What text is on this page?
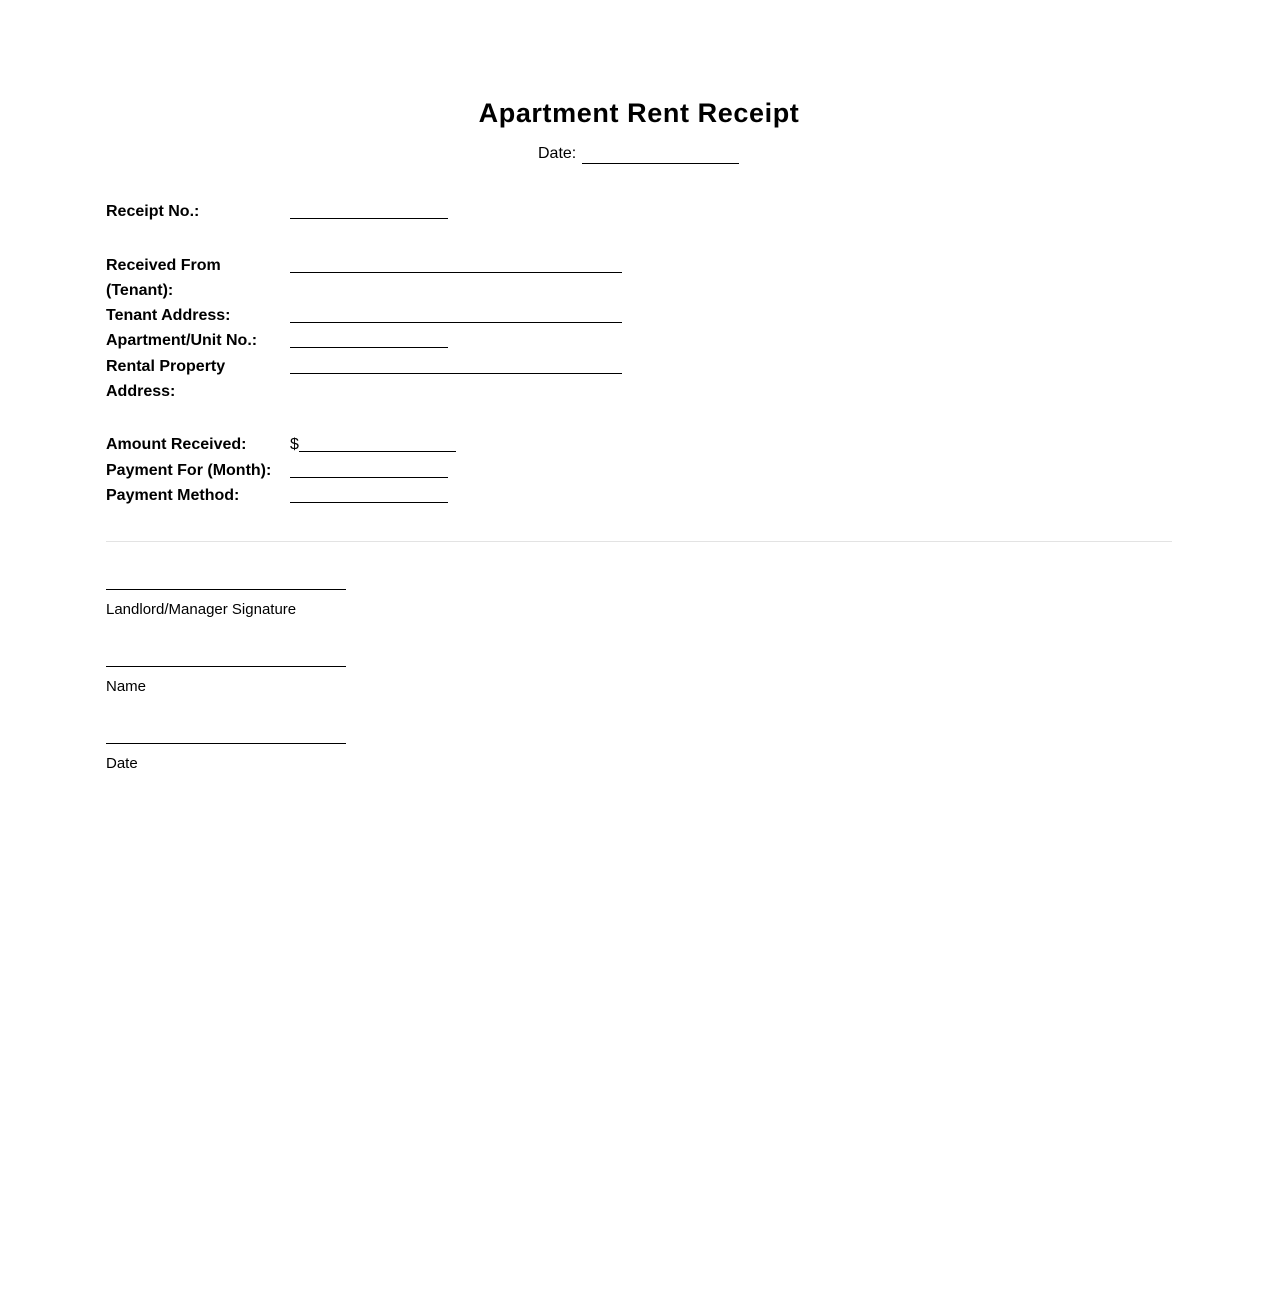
Apartment Rent Receipt
Date:
Receipt No.:
Received From
(Tenant):
Tenant Address:
Apartment/Unit No.:
Rental Property
Address:
Amount Received:	$
Payment For (Month):
Payment Method:
Landlord/Manager Signature
Name
Date
